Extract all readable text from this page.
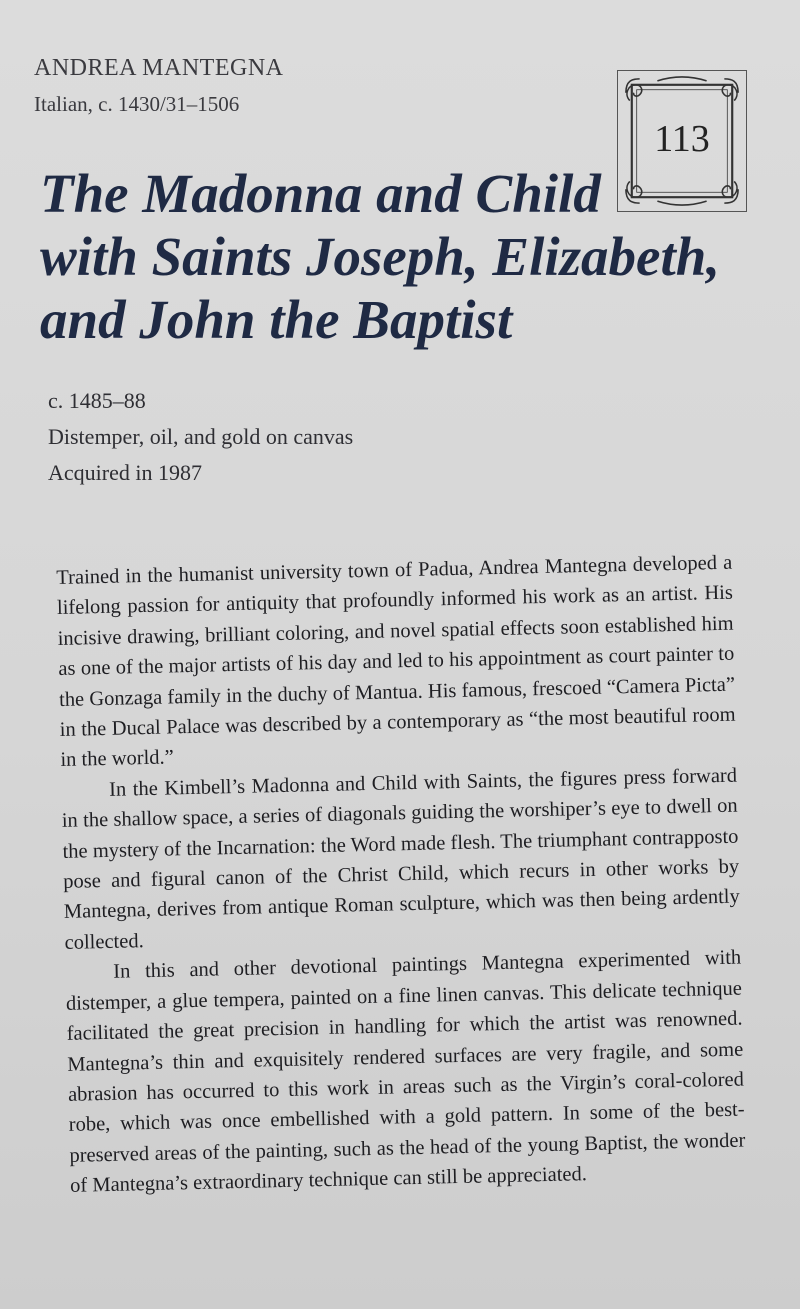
ANDREA MANTEGNA
Italian, c. 1430/31–1506
113
The Madonna and Child
with Saints Joseph, Elizabeth,
and John the Baptist
c. 1485–88
Distemper, oil, and gold on canvas
Acquired in 1987

Trained in the humanist university town of Padua, Andrea Mantegna developed a lifelong passion for antiquity that profoundly informed his work as an artist. His incisive drawing, brilliant coloring, and novel spatial effects soon established him as one of the major artists of his day and led to his appointment as court painter to the Gonzaga family in the duchy of Mantua. His famous, frescoed “Camera Picta” in the Ducal Palace was described by a contemporary as “the most beautiful room in the world.”

In the Kimbell’s Madonna and Child with Saints, the figures press forward in the shallow space, a series of diagonals guiding the worshiper’s eye to dwell on the mystery of the Incarnation: the Word made flesh. The triumphant contrapposto pose and figural canon of the Christ Child, which recurs in other works by Mantegna, derives from antique Roman sculpture, which was then being ardently collected.

In this and other devotional paintings Mantegna experimented with distemper, a glue tempera, painted on a fine linen canvas. This delicate technique facilitated the great precision in handling for which the artist was renowned. Mantegna’s thin and exquisitely rendered surfaces are very fragile, and some abrasion has occurred to this work in areas such as the Virgin’s coral-colored robe, which was once embellished with a gold pattern. In some of the best-preserved areas of the painting, such as the head of the young Baptist, the wonder of Mantegna’s extraordinary technique can still be appreciated.
